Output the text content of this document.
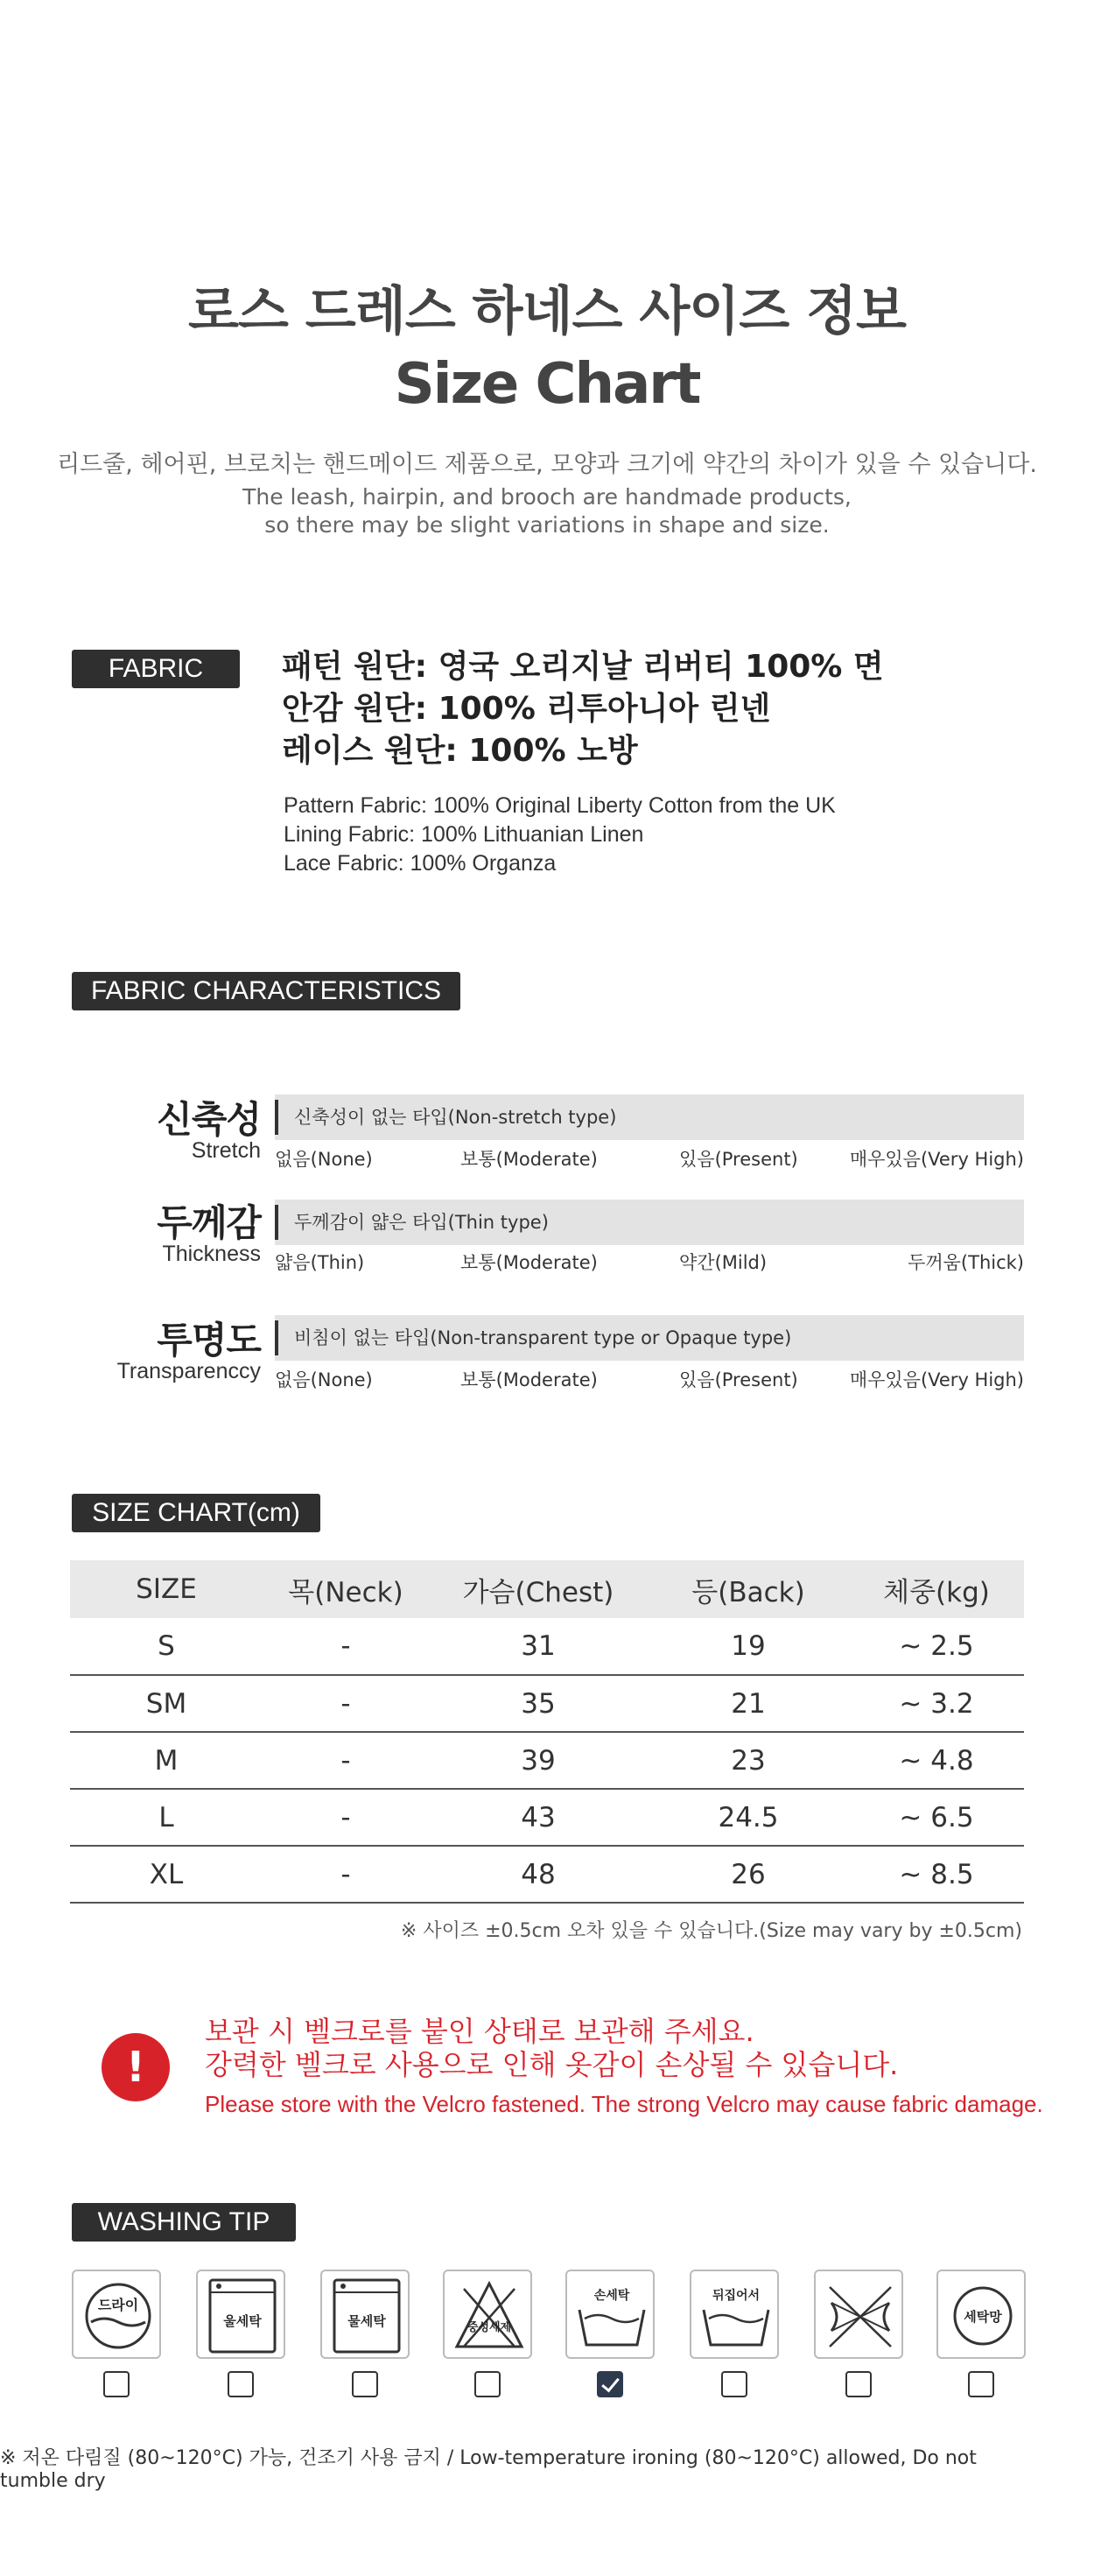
로스 드레스 하네스 사이즈 정보
Size Chart
리드줄, 헤어핀, 브로치는 핸드메이드 제품으로, 모양과 크기에 약간의 차이가 있을 수 있습니다.
The leash, hairpin, and brooch are handmade products,
so there may be slight variations in shape and size.
FABRIC	패턴 원단: 영국 오리지날 리버티 100% 면
안감 원단: 100% 리투아니아 린넨
레이스 원단: 100% 노방
Pattern Fabric: 100% Original Liberty Cotton from the UK
Lining Fabric: 100% Lithuanian Linen
Lace Fabric: 100% Organza
FABRIC CHARACTERISTICS
신축성
Stretch
신축성이 없는 타입(Non-stretch type)
없음(None)	보통(Moderate)	있음(Present)	매우있음(Very High)
두께감
Thickness
두께감이 얇은 타입(Thin type)
얇음(Thin)	보통(Moderate)	약간(Mild)	두꺼움(Thick)
투명도
Transparenccy
비침이 없는 타입(Non-transparent type or Opaque type)
없음(None)	보통(Moderate)	있음(Present)	매우있음(Very High)
SIZE CHART(cm)
SIZE	목(Neck)	가슴(Chest)	등(Back)	체중(kg)
S	-	31	19	~ 2.5
SM	-	35	21	~ 3.2
M	-	39	23	~ 4.8
L	-	43	24.5	~ 6.5
XL	-	48	26	~ 8.5
※ 사이즈 ±0.5cm 오차 있을 수 있습니다.(Size may vary by ±0.5cm)
!
보관 시 벨크로를 붙인 상태로 보관해 주세요.
강력한 벨크로 사용으로 인해 옷감이 손상될 수 있습니다.
Please store with the Velcro fastened. The strong Velcro may cause fabric damage.
WASHING TIP
드라이
울세탁	물세탁	중성세제
손세탁	뒤집어서
세탁망
※ 저온 다림질 (80~120°C) 가능, 건조기 사용 금지 / Low-temperature ironing (80~120°C) allowed, Do not tumble dry
